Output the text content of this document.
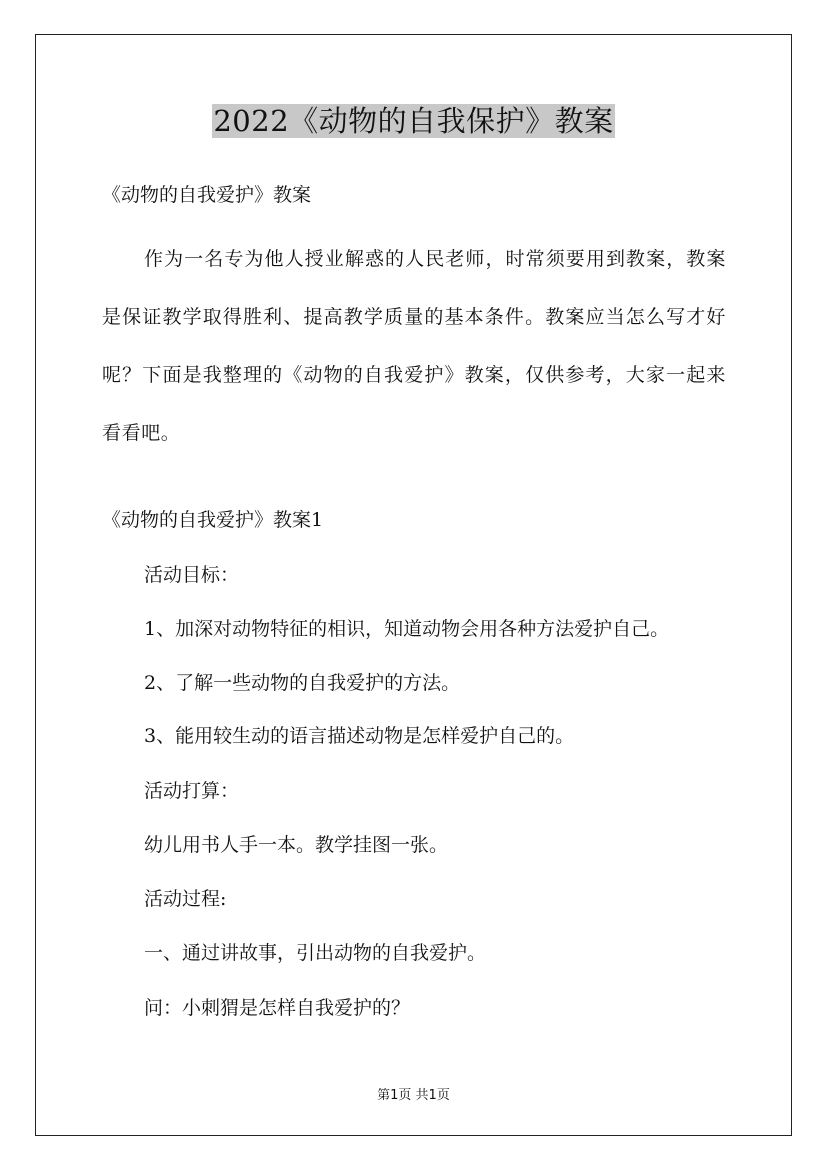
2022《动物的自我保护》教案
《动物的自我爱护》教案
作为一名专为他人授业解惑的人民老师，时常须要用到教案，教案是保证教学取得胜利、提高教学质量的基本条件。教案应当怎么写才好呢？下面是我整理的《动物的自我爱护》教案，仅供参考，大家一起来看看吧。
《动物的自我爱护》教案1
活动目标：
1、加深对动物特征的相识，知道动物会用各种方法爱护自己。
2、了解一些动物的自我爱护的方法。
3、能用较生动的语言描述动物是怎样爱护自己的。
活动打算：
幼儿用书人手一本。教学挂图一张。
活动过程:
一、通过讲故事，引出动物的自我爱护。
问：小刺猬是怎样自我爱护的？
第1页 共1页
